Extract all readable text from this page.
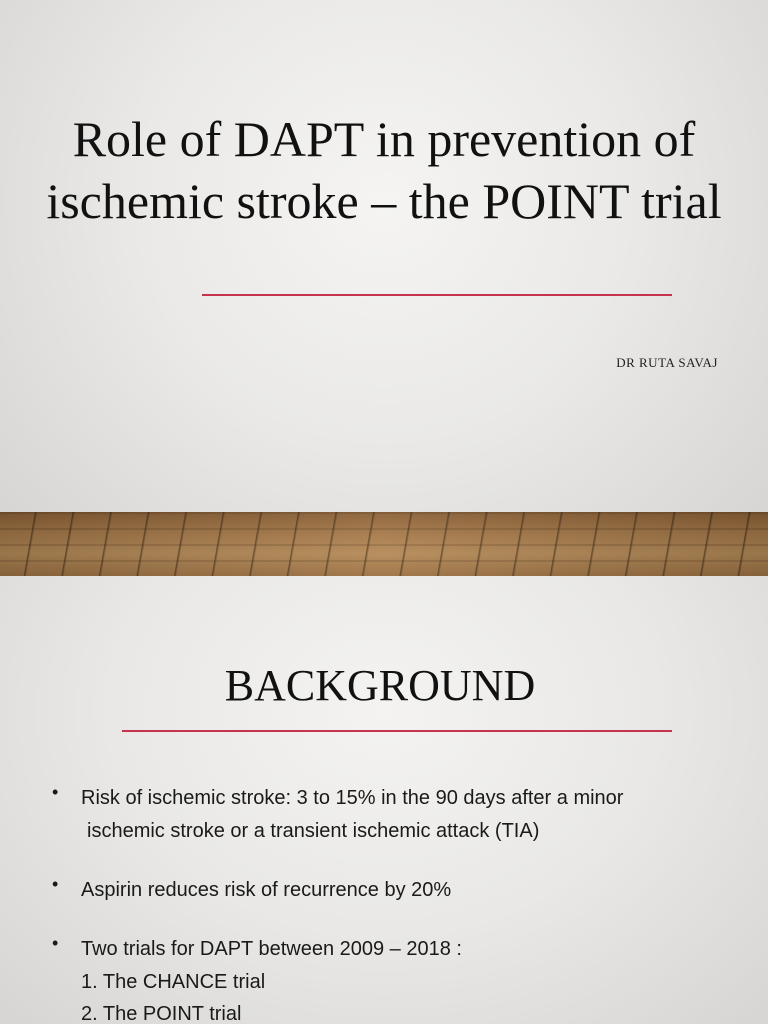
Role of DAPT in prevention of ischemic stroke – the POINT trial
DR RUTA SAVAJ
BACKGROUND
• Risk of ischemic stroke: 3 to 15% in the 90 days after a minor
ischemic stroke or a transient ischemic attack (TIA)
• Aspirin reduces risk of recurrence by 20%
• Two trials for DAPT between 2009 – 2018 :
1. The CHANCE trial
2. The POINT trial
